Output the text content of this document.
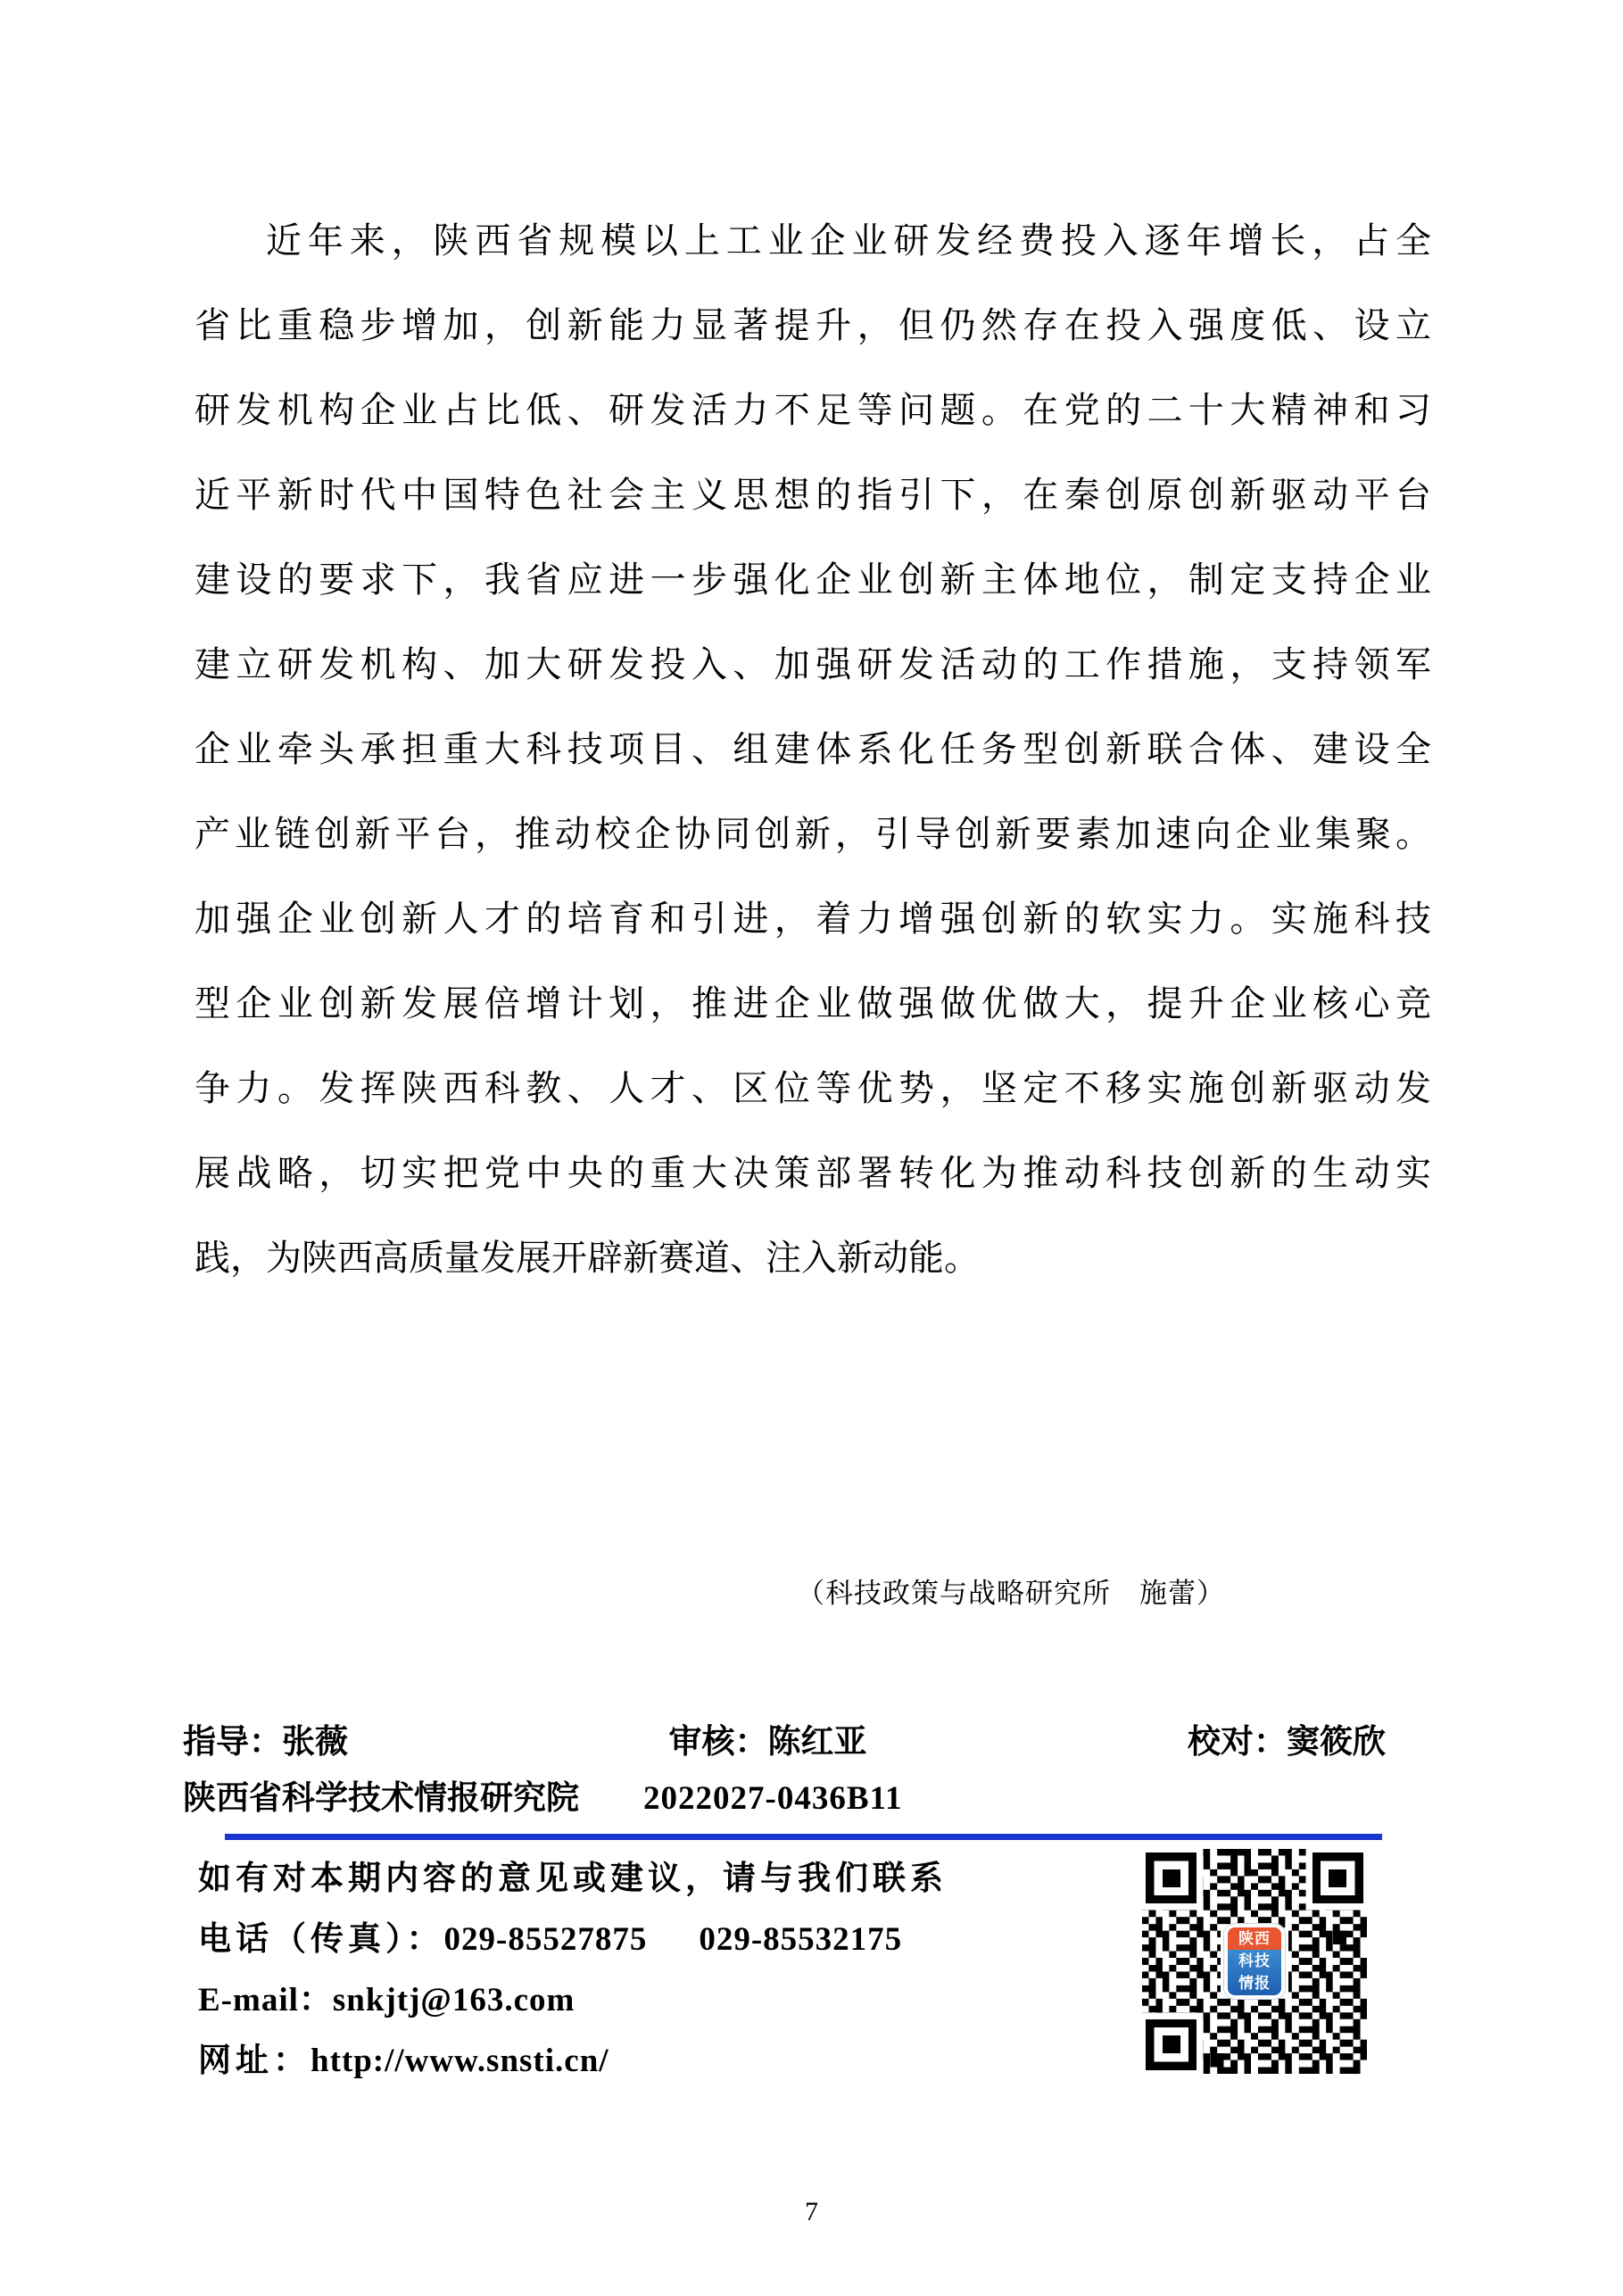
近年来，陕西省规模以上工业企业研发经费投入逐年增长，占全
省比重稳步增加，创新能力显著提升，但仍然存在投入强度低、设立
研发机构企业占比低、研发活力不足等问题。在党的二十大精神和习
近平新时代中国特色社会主义思想的指引下，在秦创原创新驱动平台
建设的要求下，我省应进一步强化企业创新主体地位，制定支持企业
建立研发机构、加大研发投入、加强研发活动的工作措施，支持领军
企业牵头承担重大科技项目、组建体系化任务型创新联合体、建设全
产业链创新平台，推动校企协同创新，引导创新要素加速向企业集聚。
加强企业创新人才的培育和引进，着力增强创新的软实力。实施科技
型企业创新发展倍增计划，推进企业做强做优做大，提升企业核心竞
争力。发挥陕西科教、人才、区位等优势，坚定不移实施创新驱动发
展战略，切实把党中央的重大决策部署转化为推动科技创新的生动实
践，为陕西高质量发展开辟新赛道、注入新动能。
（科技政策与战略研究所　施蕾）
指导：张薇	审核：陈红亚	校对：窦筱欣
陕西省科学技术情报研究院 2022027-0436B11
如有对本期内容的意见或建议，请与我们联系
电话（传真）：029-85527875 029-85532175
E-mail：snkjtj@163.com
网址：http://www.snsti.cn/
陕西
科技
情报
7
